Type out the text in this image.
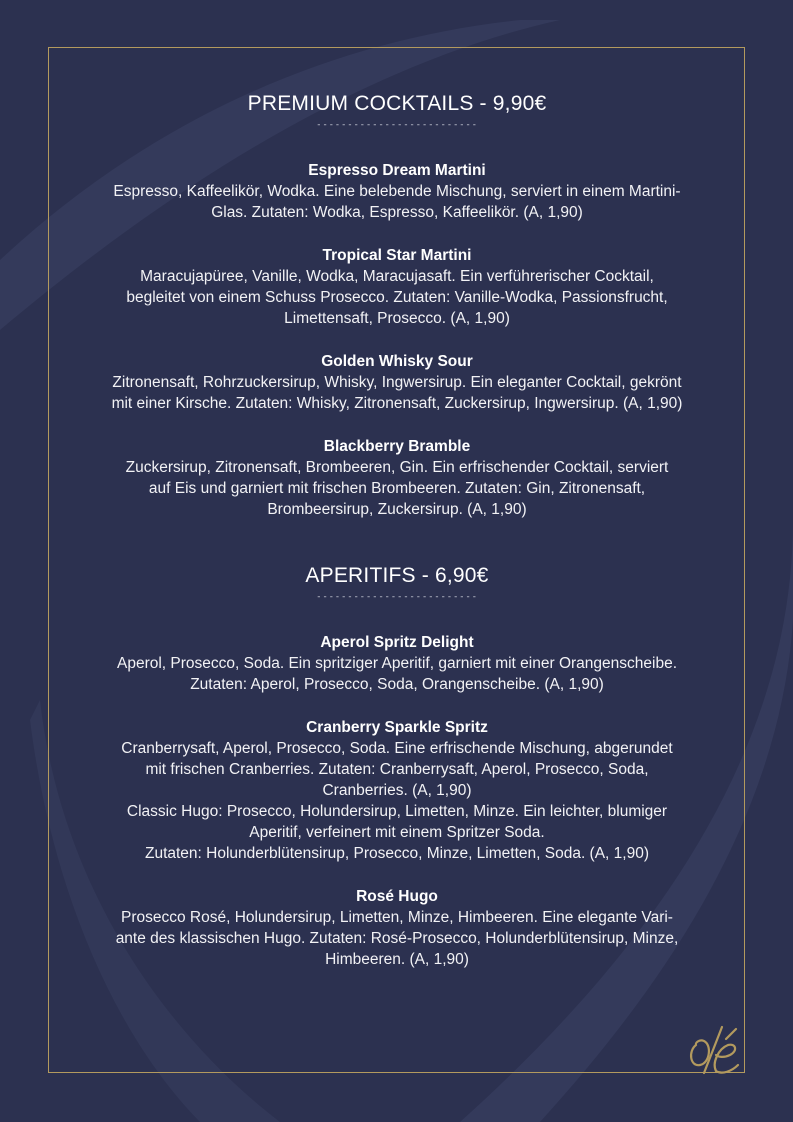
PREMIUM COCKTAILS - 9,90€
--------------------------
Espresso Dream Martini
Espresso, Kaffeelikör, Wodka. Eine belebende Mischung, serviert in einem Martini-
Glas. Zutaten: Wodka, Espresso, Kaffeelikör. (A, 1,90)
Tropical Star Martini
Maracujapüree, Vanille, Wodka, Maracujasaft. Ein verführerischer Cocktail,
begleitet von einem Schuss Prosecco. Zutaten: Vanille-Wodka, Passionsfrucht,
Limettensaft, Prosecco. (A, 1,90)
Golden Whisky Sour
Zitronensaft, Rohrzuckersirup, Whisky, Ingwersirup. Ein eleganter Cocktail, gekrönt
mit einer Kirsche. Zutaten: Whisky, Zitronensaft, Zuckersirup, Ingwersirup. (A, 1,90)
Blackberry Bramble
Zuckersirup, Zitronensaft, Brombeeren, Gin. Ein erfrischender Cocktail, serviert
auf Eis und garniert mit frischen Brombeeren. Zutaten: Gin, Zitronensaft,
Brombeersirup, Zuckersirup. (A, 1,90)
APERITIFS - 6,90€
--------------------------
Aperol Spritz Delight
Aperol, Prosecco, Soda. Ein spritziger Aperitif, garniert mit einer Orangenscheibe.
Zutaten: Aperol, Prosecco, Soda, Orangenscheibe. (A, 1,90)
Cranberry Sparkle Spritz
Cranberrysaft, Aperol, Prosecco, Soda. Eine erfrischende Mischung, abgerundet
mit frischen Cranberries. Zutaten: Cranberrysaft, Aperol, Prosecco, Soda,
Cranberries. (A, 1,90)
Classic Hugo: Prosecco, Holundersirup, Limetten, Minze. Ein leichter, blumiger
Aperitif, verfeinert mit einem Spritzer Soda.
Zutaten: Holunderblütensirup, Prosecco, Minze, Limetten, Soda. (A, 1,90)
Rosé Hugo
Prosecco Rosé, Holundersirup, Limetten, Minze, Himbeeren. Eine elegante Vari-
ante des klassischen Hugo. Zutaten: Rosé-Prosecco, Holunderblütensirup, Minze,
Himbeeren. (A, 1,90)
